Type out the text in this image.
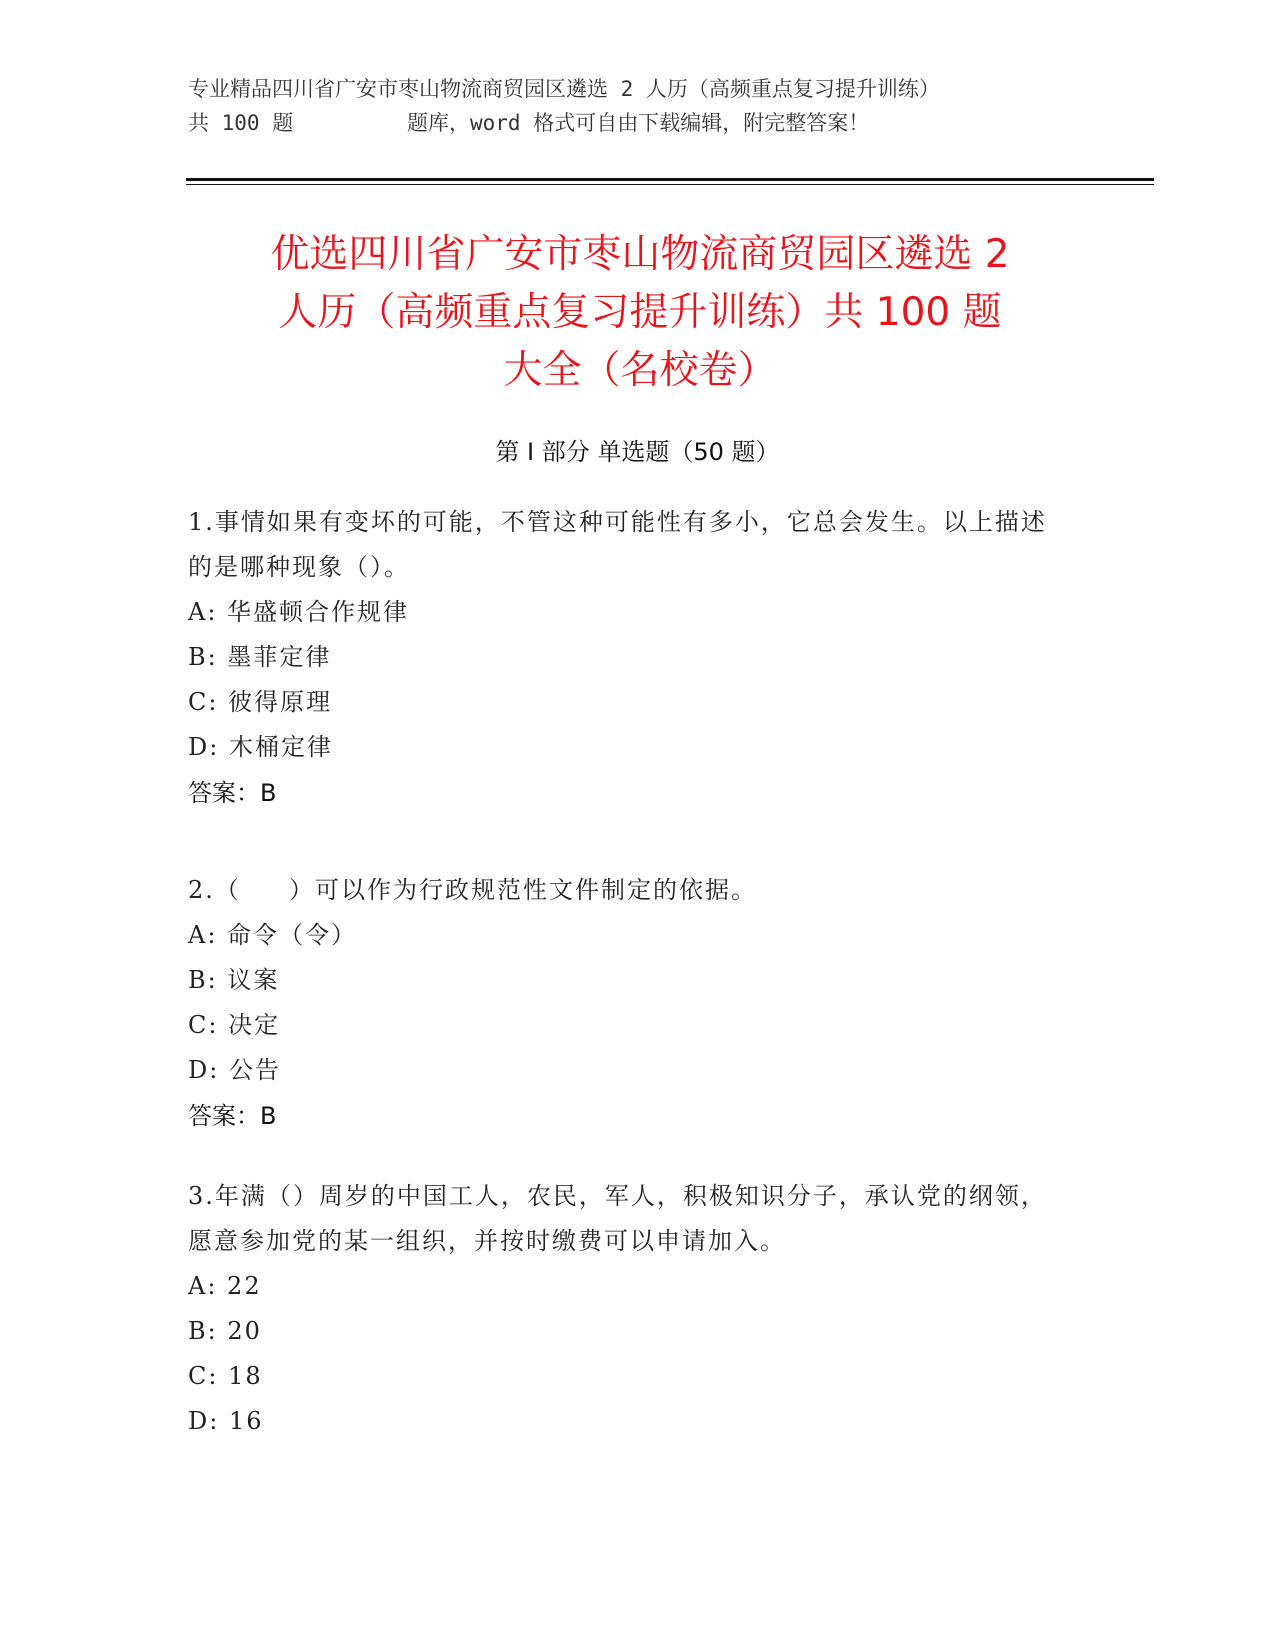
专业精品四川省广安市枣山物流商贸园区遴选 2 人历（高频重点复习提升训练）
共 100 题         题库，word 格式可自由下载编辑，附完整答案！
优选四川省广安市枣山物流商贸园区遴选 2
人历（高频重点复习提升训练）共 100 题
大全（名校卷）
第 I 部分 单选题（50 题）
1.事情如果有变坏的可能，不管这种可能性有多小，它总会发生。以上描述的是哪种现象（）。
A: 华盛顿合作规律
B: 墨菲定律
C: 彼得原理
D: 木桶定律
答案：B
2.（     ）可以作为行政规范性文件制定的依据。
A: 命令（令）
B: 议案
C: 决定
D: 公告
答案：B
3.年满（）周岁的中国工人，农民，军人，积极知识分子，承认党的纲领，愿意参加党的某一组织，并按时缴费可以申请加入。
A: 22
B: 20
C: 18
D: 16
